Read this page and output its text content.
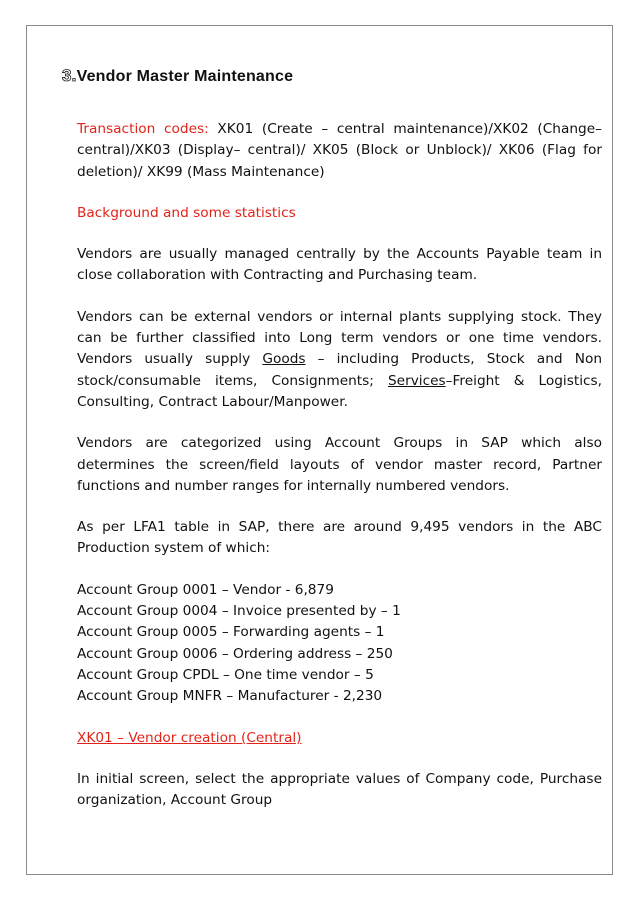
3.Vendor Master Maintenance

Transaction codes: XK01 (Create – central maintenance)/XK02 (Change–central)/XK03 (Display– central)/ XK05 (Block or Unblock)/ XK06 (Flag for deletion)/ XK99 (Mass Maintenance)

Background and some statistics

Vendors are usually managed centrally by the Accounts Payable team in close collaboration with Contracting and Purchasing team.

Vendors can be external vendors or internal plants supplying stock. They can be further classified into Long term vendors or one time vendors. Vendors usually supply Goods – including Products, Stock and Non stock/consumable items, Consignments; Services–Freight & Logistics, Consulting, Contract Labour/Manpower.

Vendors are categorized using Account Groups in SAP which also determines the screen/field layouts of vendor master record, Partner functions and number ranges for internally numbered vendors.

As per LFA1 table in SAP, there are around 9,495 vendors in the ABC Production system of which:

Account Group 0001 – Vendor - 6,879
Account Group 0004 – Invoice presented by – 1
Account Group 0005 – Forwarding agents – 1
Account Group 0006 – Ordering address – 250
Account Group CPDL – One time vendor – 5
Account Group MNFR – Manufacturer - 2,230

XK01 – Vendor creation (Central)

In initial screen, select the appropriate values of Company code, Purchase organization, Account Group
